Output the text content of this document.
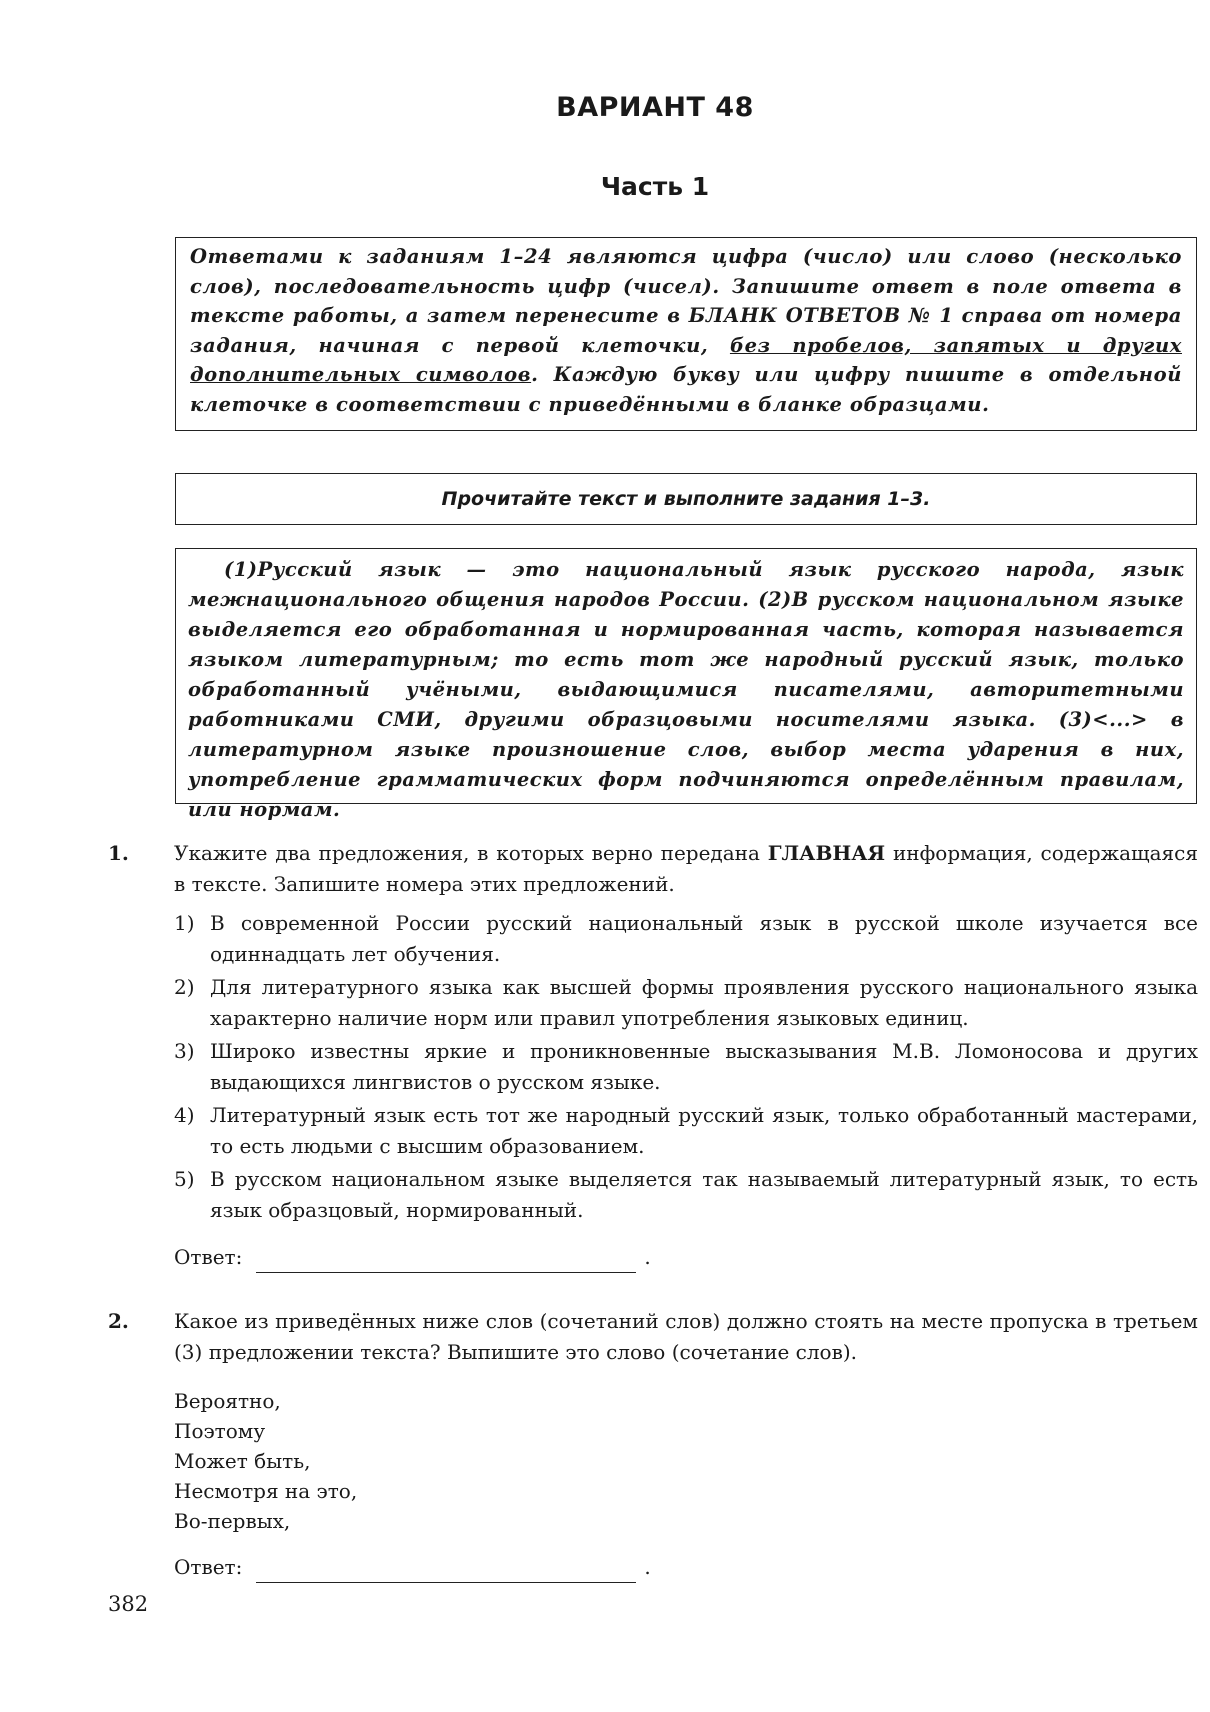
ВАРИАНТ 48
Часть 1

Ответами к заданиям 1–24 являются цифра (число) или слово (несколько слов), последовательность цифр (чисел). Запишите ответ в поле ответа в тексте работы, а затем перенесите в БЛАНК ОТВЕТОВ № 1 справа от номера задания, начиная с первой клеточки, без пробелов, запятых и других дополнительных символов. Каждую букву или цифру пишите в отдельной клеточке в соответствии с приведёнными в бланке образцами.

Прочитайте текст и выполните задания 1–3.

(1)Русский язык — это национальный язык русского народа, язык межнационального общения народов России. (2)В русском национальном языке выделяется его обработанная и нормированная часть, которая называется языком литературным; то есть тот же народный русский язык, только обработанный учёными, выдающимися писателями, авторитетными работниками СМИ, другими образцовыми носителями языка. (3)<...> в литературном языке произношение слов, выбор места ударения в них, употребление грамматических форм подчиняются определённым правилам, или нормам.

1. Укажите два предложения, в которых верно передана ГЛАВНАЯ информация, содержащаяся в тексте. Запишите номера этих предложений.

1) В современной России русский национальный язык в русской школе изучается все одиннадцать лет обучения.
2) Для литературного языка как высшей формы проявления русского национального языка характерно наличие норм или правил употребления языковых единиц.
3) Широко известны яркие и проникновенные высказывания М.В. Ломоносова и других выдающихся лингвистов о русском языке.
4) Литературный язык есть тот же народный русский язык, только обработанный мастерами, то есть людьми с высшим образованием.
5) В русском национальном языке выделяется так называемый литературный язык, то есть язык образцовый, нормированный.
Ответ:	.
2. Какое из приведённых ниже слов (сочетаний слов) должно стоять на месте пропуска в третьем (3) предложении текста? Выпишите это слово (сочетание слов).

Вероятно,
Поэтому
Может быть,
Несмотря на это,
Во-первых,
Ответ:	.
382
